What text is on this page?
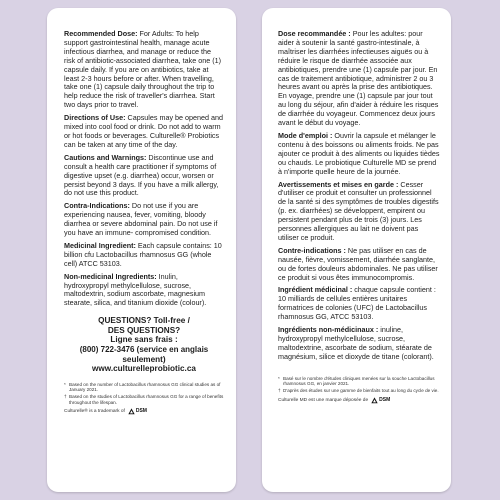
Recommended Dose: For Adults: To help support gastrointestinal health, manage acute infectious diarrhea, and manage or reduce the risk of antibiotic-associated diarrhea, take one (1) capsule daily. If you are on antibiotics, take at least 2-3 hours before or after. When travelling, take one (1) capsule daily throughout the trip to help reduce the risk of traveller's diarrhea. Start two days prior to travel.

Directions of Use: Capsules may be opened and mixed into cool food or drink. Do not add to warm or hot foods or beverages. Culturelle® Probiotics can be taken at any time of the day.

Cautions and Warnings: Discontinue use and consult a health care practitioner if symptoms of digestive upset (e.g. diarrhea) occur, worsen or persist beyond 3 days. If you have a milk allergy, do not use this product.

Contra-Indications: Do not use if you are experiencing nausea, fever, vomiting, bloody diarrhea or severe abdominal pain. Do not use if you have an immune- compromised condition.

Medicinal Ingredient: Each capsule contains: 10 billion cfu Lactobacillus rhamnosus GG (whole cell) ATCC 53103.

Non-medicinal Ingredients: Inulin, hydroxypropyl methylcellulose, sucrose, maltodextrin, sodium ascorbate, magnesium stearate, silica, and titanium dioxide (colour).

QUESTIONS? Toll-free /
DES QUESTIONS?
Ligne sans frais :
(800) 722-3476 (service en anglais
seulement)
www.culturelleprobiotic.ca
* Based on the number of Lactobacillus rhamnosus GG clinical studies as of January 2021.
† Based on the studies of Lactobacillus rhamnosus GG for a range of benefits throughout the lifespan.
Culturelle® is a trademark of DSM

Dose recommandée : Pour les adultes: pour aider à soutenir la santé gastro-intestinale, à maîtriser les diarrhées infectieuses aiguës ou à réduire le risque de diarrhée associée aux antibiotiques, prendre une (1) capsule par jour. En cas de traitement antibiotique, administrer 2 ou 3 heures avant ou après la prise des antibiotiques. En voyage, prendre une (1) capsule par jour tout au long du séjour, afin d'aider à réduire les risques de diarrhée du voyageur. Commencez deux jours avant le début du voyage.

Mode d'emploi : Ouvrir la capsule et mélanger le contenu à des boissons ou aliments froids. Ne pas ajouter ce produit à des aliments ou liquides tièdes ou chauds. Le probiotique Culturelle MD se prend à n'importe quelle heure de la journée.

Avertissements et mises en garde : Cesser d'utiliser ce produit et consulter un professionnel de la santé si des symptômes de troubles digestifs (p. ex. diarrhées) se développent, empirent ou persistent pendant plus de trois (3) jours. Les personnes allergiques au lait ne doivent pas utiliser ce produit.

Contre-indications : Ne pas utiliser en cas de nausée, fièvre, vomissement, diarrhée sanglante, ou de fortes douleurs abdominales. Ne pas utiliser ce produit si vous êtes immunocompromis.

Ingrédient médicinal : chaque capsule contient : 10 milliards de cellules entières unitaires formatrices de colonies (UFC) de Lactobacillus rhamnosus GG, ATCC 53103.

Ingrédients non-médicinaux : inuline, hydroxypropyl methylcellulose, sucrose, maltodextrine, ascorbate de sodium, stéarate de magnésium, silice et dioxyde de titane (colorant).

* Basé sur le nombre d'études cliniques menées sur la souche Lactobacillus rhamnosus GG, en janvier 2021.
† D'après des études sur une gamme de bienfaits tout au long du cycle de vie.
Culturelle MD est une marque déposée de DSM
